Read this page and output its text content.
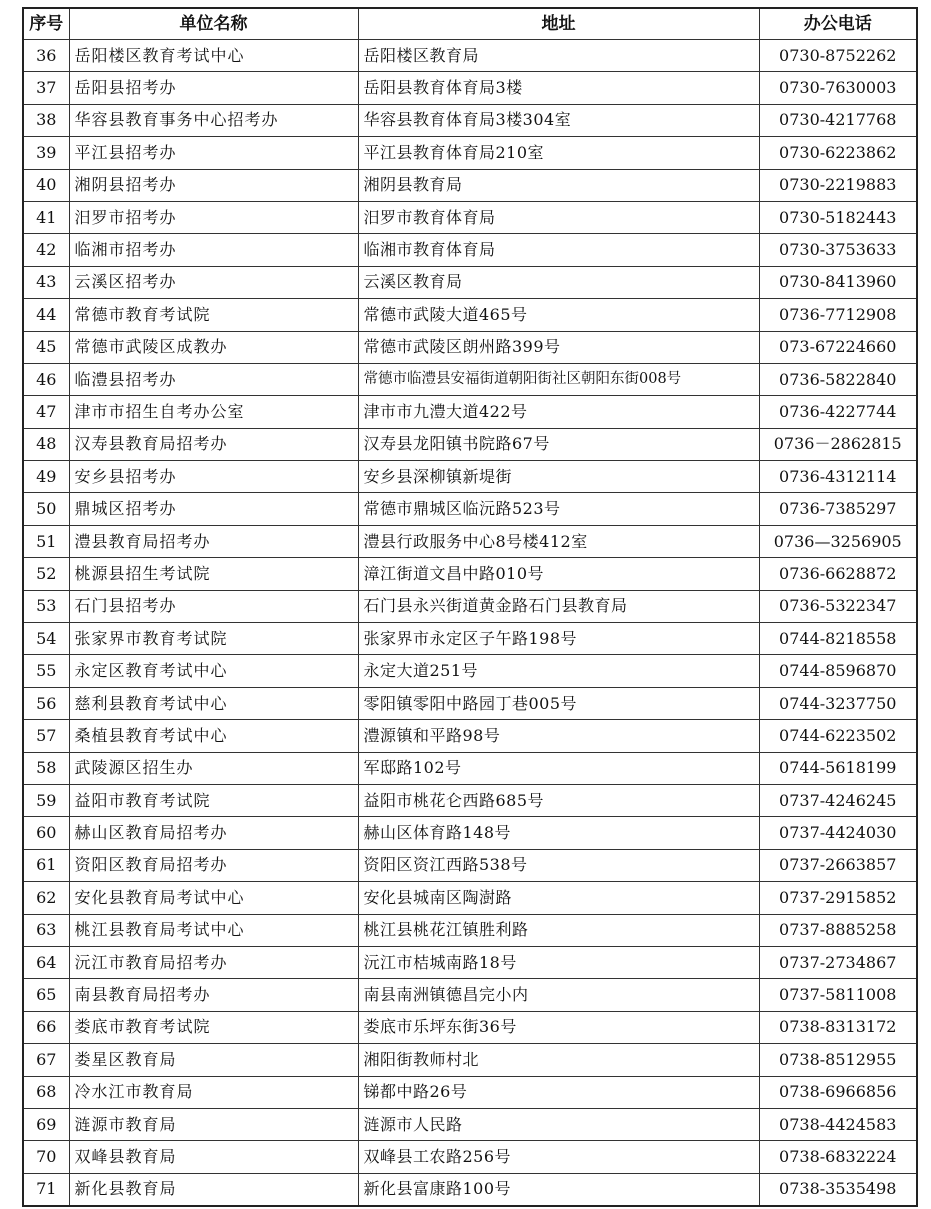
序号	单位名称	地址	办公电话
36	岳阳楼区教育考试中心	岳阳楼区教育局	0730-8752262
37	岳阳县招考办	岳阳县教育体育局3楼	0730-7630003
38	华容县教育事务中心招考办	华容县教育体育局3楼304室	0730-4217768
39	平江县招考办	平江县教育体育局210室	0730-6223862
40	湘阴县招考办	湘阴县教育局	0730-2219883
41	汨罗市招考办	汨罗市教育体育局	0730-5182443
42	临湘市招考办	临湘市教育体育局	0730-3753633
43	云溪区招考办	云溪区教育局	0730-8413960
44	常德市教育考试院	常德市武陵大道465号	0736-7712908
45	常德市武陵区成教办	常德市武陵区朗州路399号	073-67224660
46	临澧县招考办	常德市临澧县安福街道朝阳街社区朝阳东街008号	0736-5822840
47	津市市招生自考办公室	津市市九澧大道422号	0736-4227744
48	汉寿县教育局招考办	汉寿县龙阳镇书院路67号	0736－2862815
49	安乡县招考办	安乡县深柳镇新堤街	0736-4312114
50	鼎城区招考办	常德市鼎城区临沅路523号	0736-7385297
51	澧县教育局招考办	澧县行政服务中心8号楼412室	0736—3256905
52	桃源县招生考试院	漳江街道文昌中路010号	0736-6628872
53	石门县招考办	石门县永兴街道黄金路石门县教育局	0736-5322347
54	张家界市教育考试院	张家界市永定区子午路198号	0744-8218558
55	永定区教育考试中心	永定大道251号	0744-8596870
56	慈利县教育考试中心	零阳镇零阳中路园丁巷005号	0744-3237750
57	桑植县教育考试中心	澧源镇和平路98号	0744-6223502
58	武陵源区招生办	军邸路102号	0744-5618199
59	益阳市教育考试院	益阳市桃花仑西路685号	0737-4246245
60	赫山区教育局招考办	赫山区体育路148号	0737-4424030
61	资阳区教育局招考办	资阳区资江西路538号	0737-2663857
62	安化县教育局考试中心	安化县城南区陶澍路	0737-2915852
63	桃江县教育局考试中心	桃江县桃花江镇胜利路	0737-8885258
64	沅江市教育局招考办	沅江市桔城南路18号	0737-2734867
65	南县教育局招考办	南县南洲镇德昌完小内	0737-5811008
66	娄底市教育考试院	娄底市乐坪东街36号	0738-8313172
67	娄星区教育局	湘阳街教师村北	0738-8512955
68	冷水江市教育局	锑都中路26号	0738-6966856
69	涟源市教育局	涟源市人民路	0738-4424583
70	双峰县教育局	双峰县工农路256号	0738-6832224
71	新化县教育局	新化县富康路100号	0738-3535498
